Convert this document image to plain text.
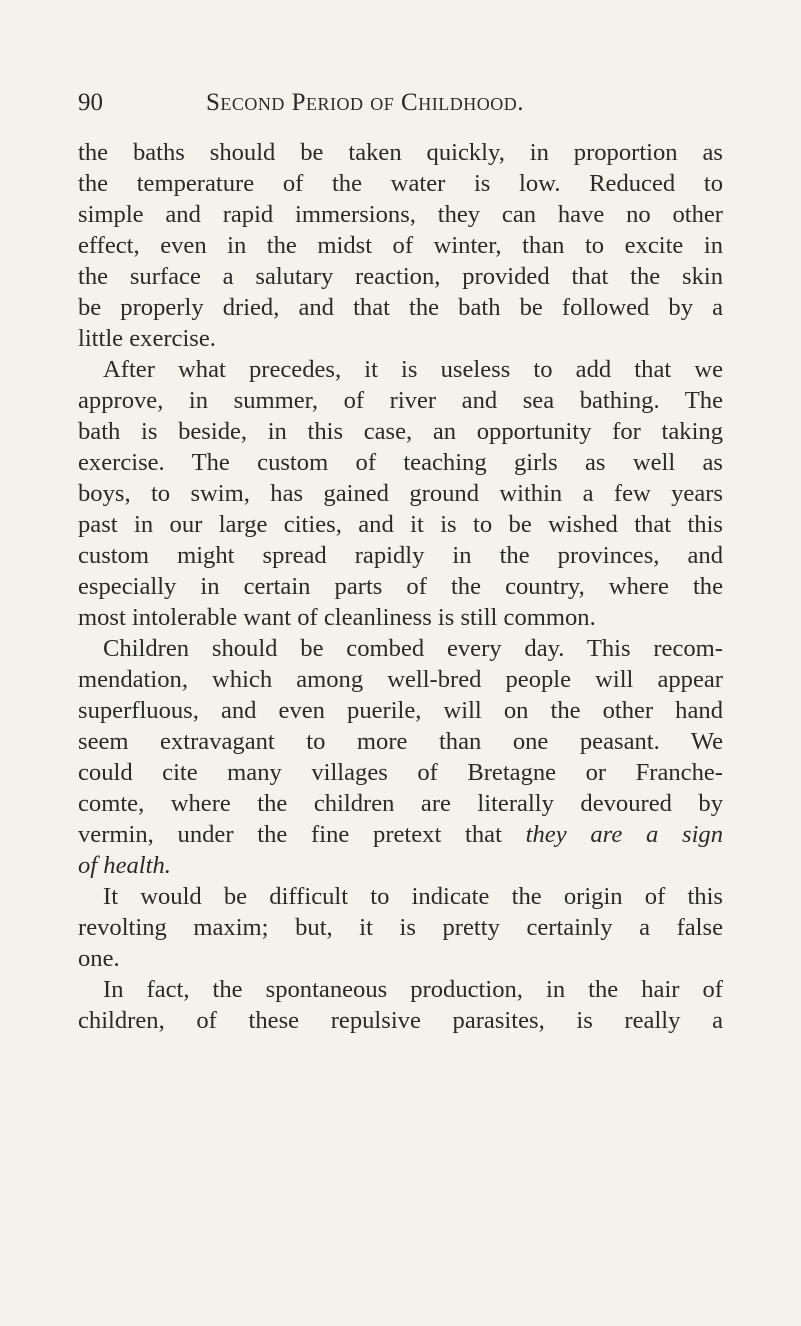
90	Second Period of Childhood.
the baths should be taken quickly, in proportion as
the temperature of the water is low. Reduced to
simple and rapid immersions, they can have no other
effect, even in the midst of winter, than to excite in
the surface a salutary reaction, provided that the skin
be properly dried, and that the bath be followed by a
little exercise.
After what precedes, it is useless to add that we
approve, in summer, of river and sea bathing. The
bath is beside, in this case, an opportunity for taking
exercise. The custom of teaching girls as well as
boys, to swim, has gained ground within a few years
past in our large cities, and it is to be wished that this
custom might spread rapidly in the provinces, and
especially in certain parts of the country, where the
most intolerable want of cleanliness is still common.
Children should be combed every day. This recom-
mendation, which among well-bred people will appear
superfluous, and even puerile, will on the other hand
seem extravagant to more than one peasant. We
could cite many villages of Bretagne or Franche-
comte, where the children are literally devoured by
vermin, under the fine pretext that they are a sign
of health.
It would be difficult to indicate the origin of this
revolting maxim; but, it is pretty certainly a false
one.
In fact, the spontaneous production, in the hair of
children, of these repulsive parasites, is really a
